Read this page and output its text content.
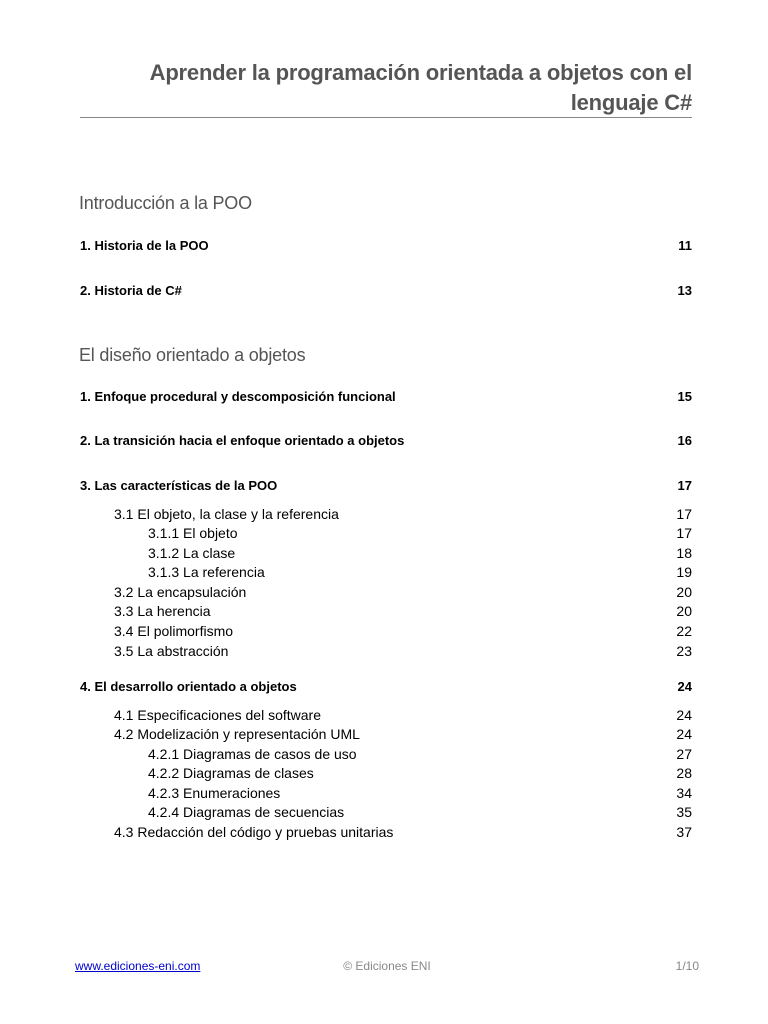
Aprender la programación orientada a objetos con el
lenguaje C#
Introducción a la POO
1. Historia de la POO	11
2. Historia de C#	13
El diseño orientado a objetos
1. Enfoque procedural y descomposición funcional	15
2. La transición hacia el enfoque orientado a objetos	16
3. Las características de la POO	17
3.1 El objeto, la clase y la referencia	17
3.1.1 El objeto	17
3.1.2 La clase	18
3.1.3 La referencia	19
3.2 La encapsulación	20
3.3 La herencia	20
3.4 El polimorfismo	22
3.5 La abstracción	23
4. El desarrollo orientado a objetos	24
4.1 Especificaciones del software	24
4.2 Modelización y representación UML	24
4.2.1 Diagramas de casos de uso	27
4.2.2 Diagramas de clases	28
4.2.3 Enumeraciones	34
4.2.4 Diagramas de secuencias	35
4.3 Redacción del código y pruebas unitarias	37
www.ediciones-eni.com	© Ediciones ENI	1/10
